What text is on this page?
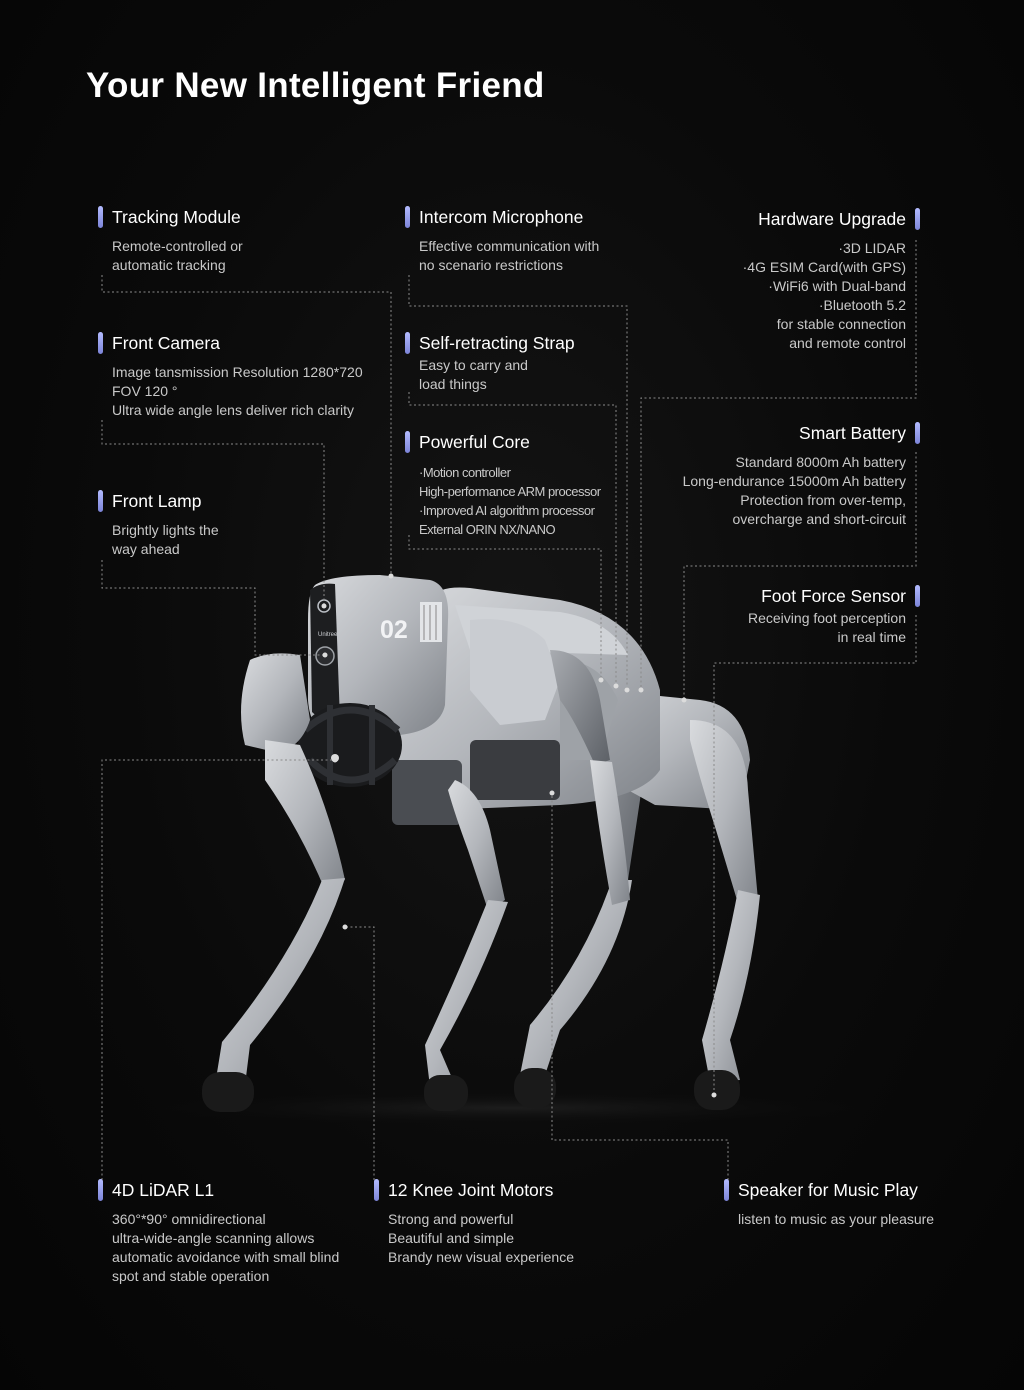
02
Unitree
Your New Intelligent Friend
Tracking Module
Remote-controlled or
automatic tracking
Intercom Microphone
Effective communication with
no scenario restrictions
Hardware Upgrade
·3D LIDAR
·4G ESIM Card(with GPS)
·WiFi6 with Dual-band
·Bluetooth 5.2
for stable connection
and remote control
Front Camera
Image tansmission Resolution 1280*720
FOV 120 °
Ultra wide angle lens deliver rich clarity
Self-retracting Strap
Easy to carry and
load things
Powerful Core
·Motion controller
High-performance ARM processor
·Improved AI algorithm processor
External ORIN NX/NANO
Smart Battery
Standard 8000m Ah battery
Long-endurance 15000m Ah battery
Protection from over-temp,
overcharge and short-circuit
Front Lamp
Brightly lights the
way ahead
Foot Force Sensor
Receiving foot perception
in real time
4D LiDAR L1
360°*90° omnidirectional
ultra-wide-angle scanning allows
automatic avoidance with small blind
spot and stable operation
12 Knee Joint Motors
Strong and powerful
Beautiful and simple
Brandy new visual experience
Speaker for Music Play
listen to music as your pleasure
